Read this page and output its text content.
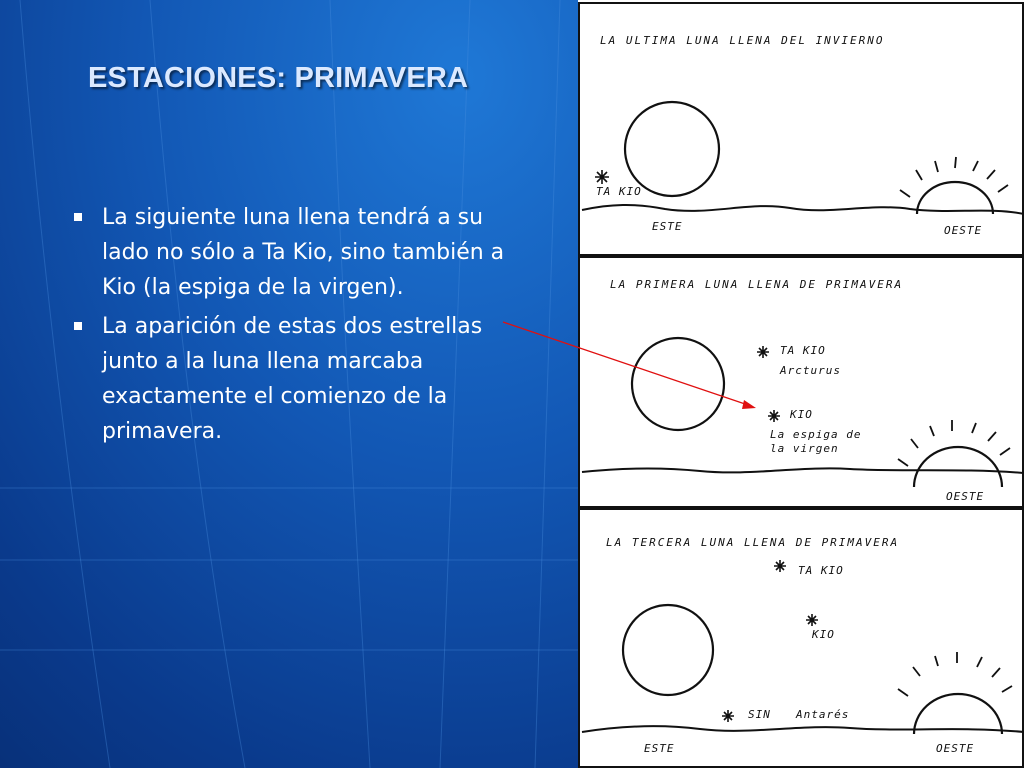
ESTACIONES: PRIMAVERA
La siguiente luna llena tendrá a su lado no sólo a Ta Kio, sino también a Kio (la espiga de la virgen).
La aparición de estas dos estrellas junto a la luna llena marcaba exactamente el comienzo de la primavera.

LA ULTIMA LUNA LLENA DEL INVIERNO

TA KIO

ESTE	OESTE

LA PRIMERA LUNA LLENA DE PRIMAVERA

TA KIO

Arcturus

KIO

La espiga de

la virgen

OESTE

LA TERCERA LUNA LLENA DE PRIMAVERA

TA KIO

KIO

SIN Antarés

ESTE	OESTE
